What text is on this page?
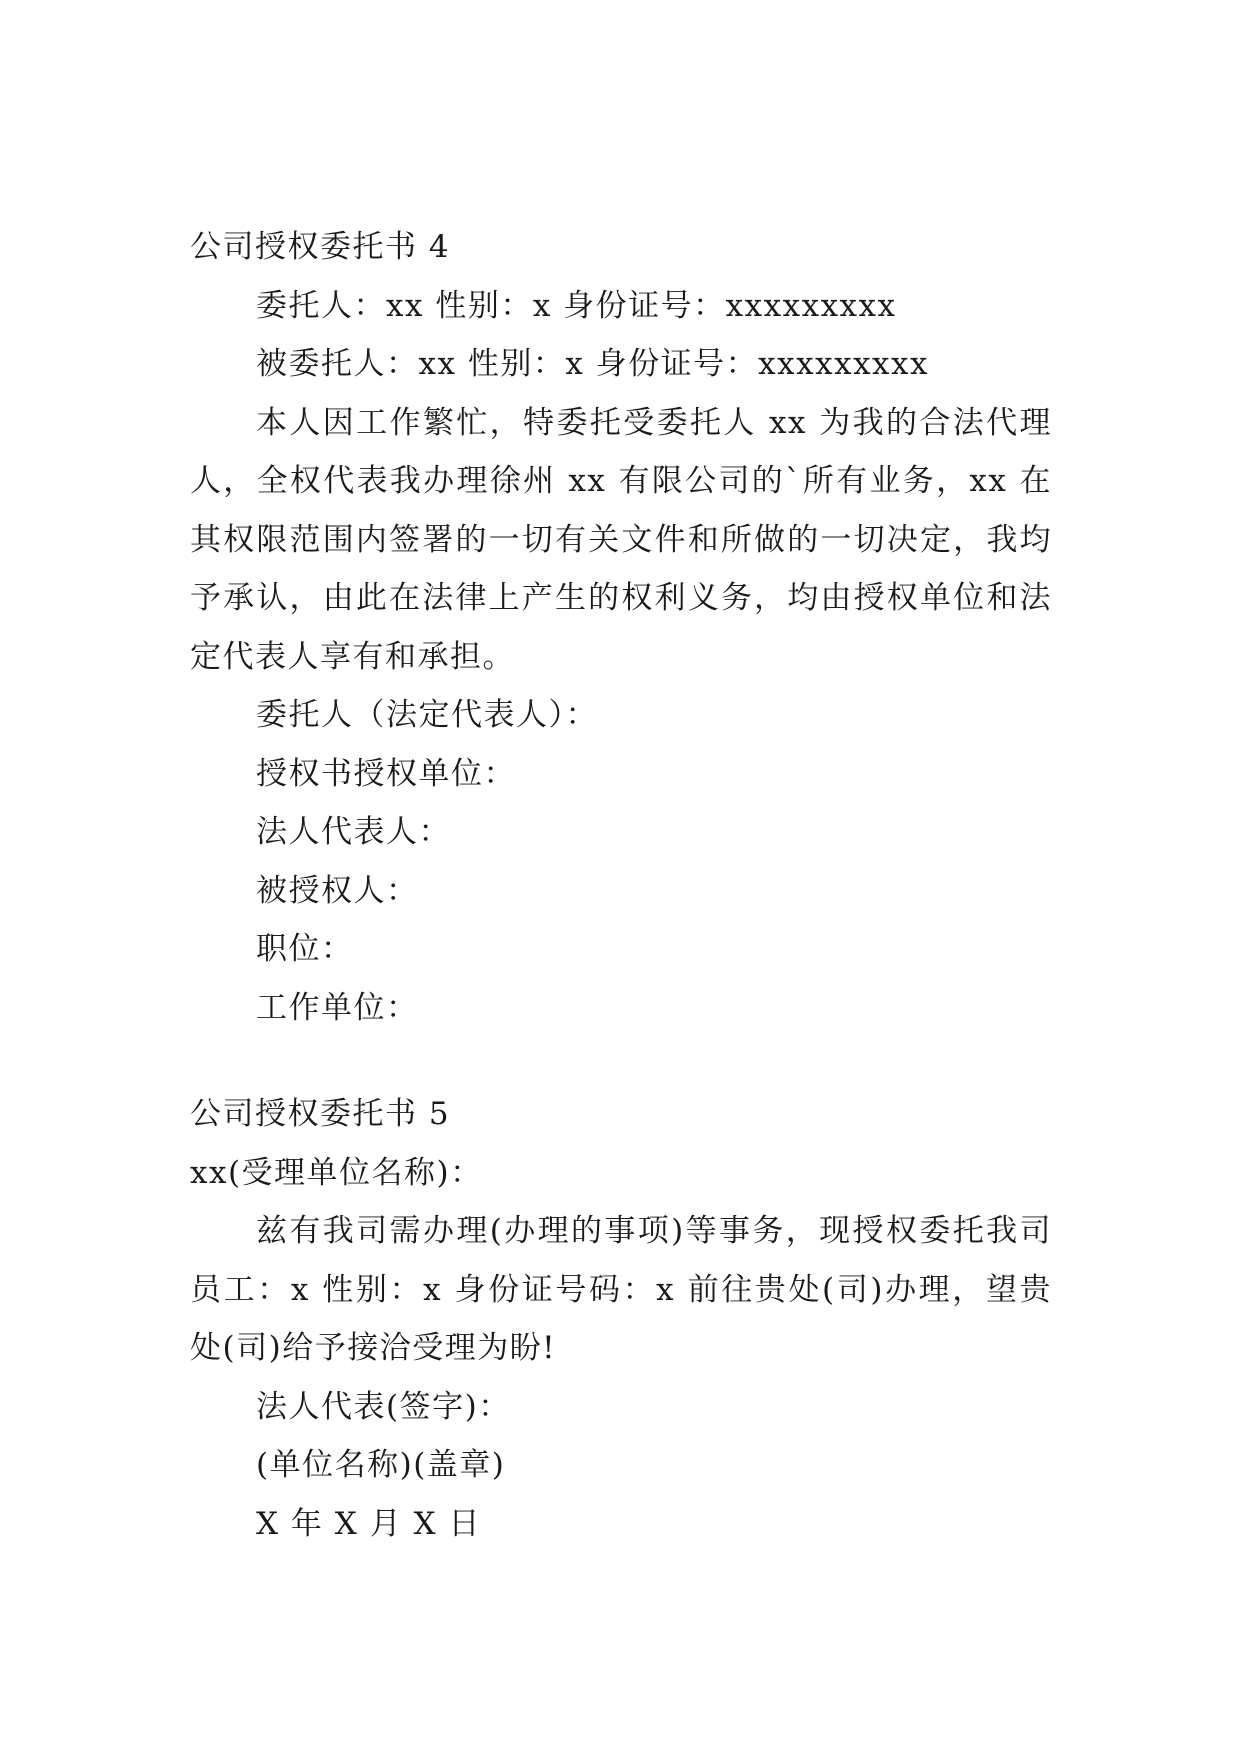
公司授权委托书 4
委托人：xx 性别：x 身份证号：xxxxxxxxx
被委托人：xx 性别：x 身份证号：xxxxxxxxx
本人因工作繁忙，特委托受委托人 xx 为我的合法代理人，全权代表我办理徐州 xx 有限公司的`所有业务，xx 在其权限范围内签署的一切有关文件和所做的一切决定，我均予承认，由此在法律上产生的权利义务，均由授权单位和法定代表人享有和承担。
委托人（法定代表人）：
授权书授权单位：
法人代表人：
被授权人：
职位：
工作单位：
公司授权委托书 5
xx(受理单位名称)：
兹有我司需办理(办理的事项)等事务，现授权委托我司员工：x 性别：x 身份证号码：x 前往贵处(司)办理，望贵处(司)给予接洽受理为盼!
法人代表(签字)：
(单位名称)(盖章)
X 年 X 月 X 日
